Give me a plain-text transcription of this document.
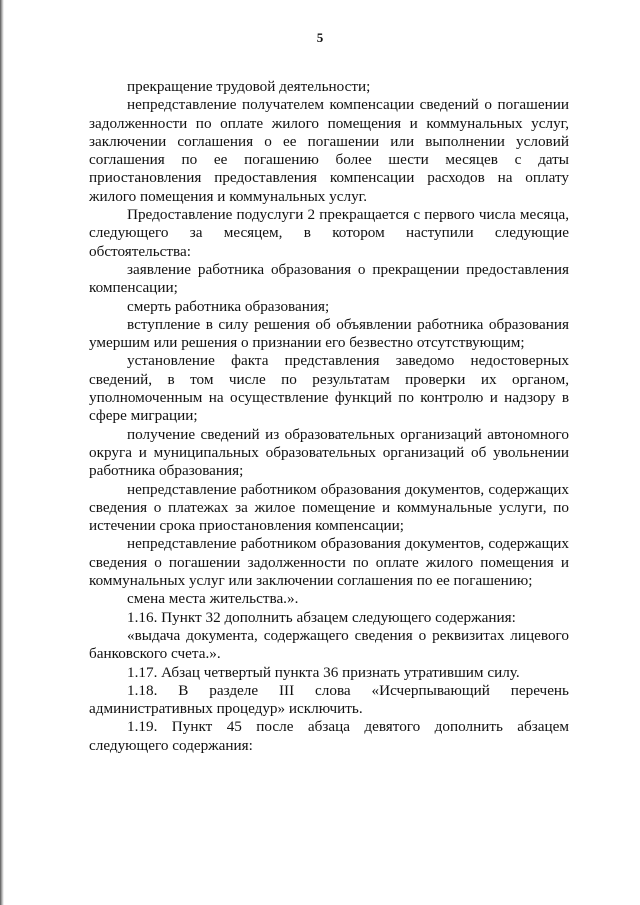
5

прекращение трудовой деятельности;

непредставление получателем компенсации сведений о погашении задолженности по оплате жилого помещения и коммунальных услуг, заключении соглашения о ее погашении или выполнении условий соглашения по ее погашению более шести месяцев с даты приостановления предоставления компенсации расходов на оплату жилого помещения и коммунальных услуг.

Предоставление подуслуги 2 прекращается с первого числа месяца, следующего за месяцем, в котором наступили следующие обстоятельства:

заявление работника образования о прекращении предоставления компенсации;

смерть работника образования;

вступление в силу решения об объявлении работника образования умершим или решения о признании его безвестно отсутствующим;

установление факта представления заведомо недостоверных сведений, в том числе по результатам проверки их органом, уполномоченным на осуществление функций по контролю и надзору в сфере миграции;

получение сведений из образовательных организаций автономного округа и муниципальных образовательных организаций об увольнении работника образования;

непредставление работником образования документов, содержащих сведения о платежах за жилое помещение и коммунальные услуги, по истечении срока приостановления компенсации;

непредставление работником образования документов, содержащих сведения о погашении задолженности по оплате жилого помещения и коммунальных услуг или заключении соглашения по ее погашению;

смена места жительства.».

1.16. Пункт 32 дополнить абзацем следующего содержания:

«выдача документа, содержащего сведения о реквизитах лицевого банковского счета.».

1.17. Абзац четвертый пункта 36 признать утратившим силу.

1.18. В разделе III слова «Исчерпывающий перечень административных процедур» исключить.

1.19. Пункт 45 после абзаца девятого дополнить абзацем следующего содержания:
